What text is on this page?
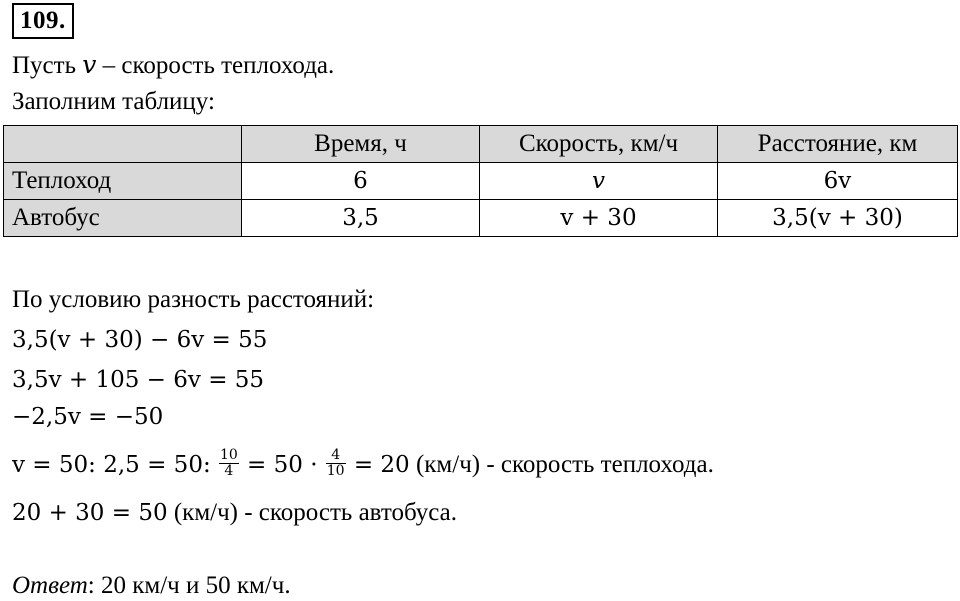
109.
Пусть v – скорость теплохода.
Заполним таблицу:
	Время, ч	Скорость, км/ч	Расстояние, км
Теплоход	6	v	6v
Автобус	3,5	v + 30	3,5(v + 30)
По условию разность расстояний:
3,5(v + 30) − 6v = 55
3,5v + 105 − 6v = 55
−2,5v = −50
v = 50: 2,5 = 50: $\frac{10}{4} = 50 \cdot \frac{4}{10} = 20$ (км/ч) - скорость теплохода.
20 + 30 = 50 (км/ч) - скорость автобуса.
Ответ: 20 км/ч и 50 км/ч.
